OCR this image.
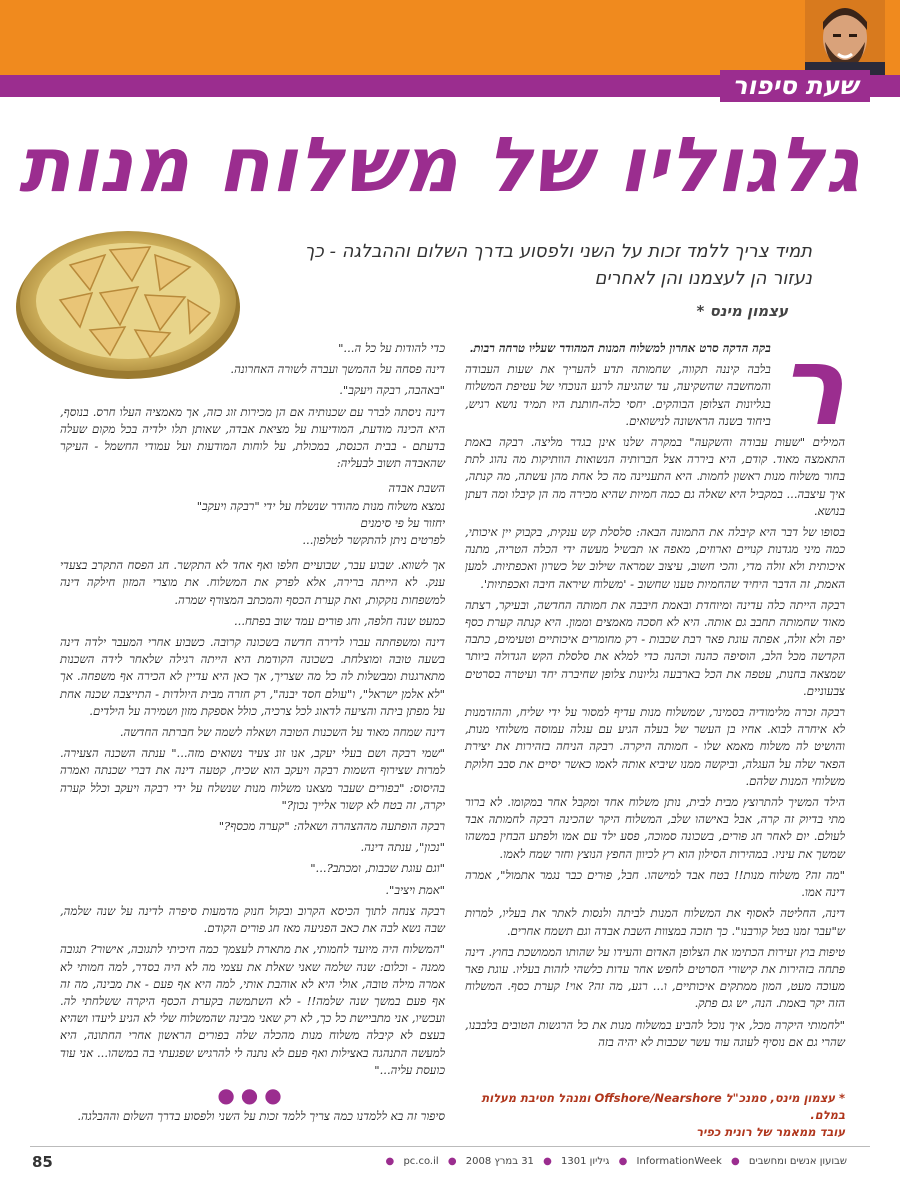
שעת סיפור
גלגוליו של משלוח מנות
תמיד צריך ללמד זכות על השני ולפסוע בדרך השלום וההבלגה - כך נעזור הן לעצמנו והן לאחרים
עצמון מינס *
ר

בקה הדקה סרט אחרון למשלוח המנות המהודר שעליו טרחה רבות.

בלבה קיננה תקווה, שחמותה תדע להעריך את שעות העבודה והמחשבה שהשקיעה, עד שהגיעה לרגע הנוכחי של עטיפת המשלוח בגליונות הצלופן הבוהקים. יחסי כלה-חותנת היו תמיד נושא רגיש, ביחוד בשנה הראשונה לנישואים.

המילים "שעות עבודה והשקעה" במקרה שלנו אינן בגדר מליצה. רבקה באמת התאמצה מאוד. קודם, היא ביררה אצל חברותיה הנשואות הוותיקות מה נהוג לתת בחור משלוח מנות ראשון לחמות. היא התעניינה מה כל אחת מהן עשתה, מה קנתה, איך עיצבה... במקביל היא שאלה גם כמה חמיות שהיא מכירה מה הן קיבלו ומה דעתן בנושא.

בסופו של דבר היא קיבלה את התמונה הבאה: סלסלת קש ענקית, בקבוק יין איכותי, כמה מיני מגדנות קנויים וארוזים, מאפה או תבשיל מעשה ידי הכלה הטריה, מתנה איכותית ולא זולה מדי, והכי חשוב, עיצוב שמראה שילוב של כשרון ואכפתיות. למען האמת, זה הדבר היחיד שהחמיות טענו שחשוב - 'משלוח שיראה חיבה ואכפתיות'.

רבקה הייתה כלה עדינה ומיוחדת ובאמת חיבבה את חמותה החדשה, ובעיקר, רצתה מאוד שחמותה תחבב גם אותה. היא לא חסכה מאמצים וממון. היא קנתה קערת כסף יפה ולא זולה, אפתה עוגת פאר רבת שכבות - רק מחומרים איכותיים וטעימים, כתבה הקדשה מכל הלב, הוסיפה כהנה וכהנה כדי למלא את סלסלת הקש הגדולה ביותר שמצאה בחנות, עטפה את הכל בארבעה גליונות צלופן שחיברה יחד ועיטרה בסרטים צבעוניים.

רבקה זכרה מלימודיה בסמינר, שמשלוח מנות עדיף למסור על ידי שליח, וההזדמנות לא איחרה לבוא. אחיו בן העשר של בעלה הגיע עם עגלה עמוסה משלוחי מנות, והושיט לה משלוח מאמא שלו - חמותה היקרה. רבקה הניחה בזהירות את יצירת הפאר שלה על העגלה, וביקשה ממנו שיביא אותה לאמו כאשר יסיים את סבב חלוקת משלוחי המנות שלהם.

הילד המשיך להתרוצץ מבית לבית, נותן משלוח אחד ומקבל אחר במקומו. לא ברור מתי בדיוק זה קרה, אבל באישהו שלב, המשלוח היקר שהכינה רבקה לחמותה אבד לעולם. יום לאחר חג פורים, בשכונה סמוכה, פסע ילד עם אמו ולפתע הבחין במשהו שמשך את עיניו. במהירות הסילון הוא רץ לכיוון החפץ הנוצץ וחזר שמח לאמו.

"מה זה? משלוח מנות!! בטח אבד למישהו. חבל, פורים כבר נגמר אתמול", אמרה דינה אמו.

דינה, החליטה לאסוף את המשלוח המנות לביתה ולנסות לאתר את בעליו, למרות ש"עבר זמנו בטל קורבנו". כך תזכה במצוות השבת אבדה וגם תשמח אחרים.

טיפות בוץ זעירות הכתימו את הצלופן האדום והעידו על שהותו הממושכת בחוץ. דינה פתחה בזהירות את קישורי הסרטים לחפש אחר עדות כלשהי לזהות בעליו. עוגת פאר מעוכה מעט, המון ממתקים איכותיים, ו... רגע, מה זה? אוי! קערת כסף. המשלוח הזה יקר באמת. הנה, יש גם פתק.

"לחמותי היקרה מכל, איך נוכל להביע במשלוח מנות את כל הרגשות הטובים בלבבנו, שהרי גם אם נוסיף לעוגה עוד עשר שכבות לא יהיה בזה

כדי להודות על כל ה..."

דינה פסחה על ההמשך ועברה לשורה האחרונה.

"באהבה, רבקה ויעקב".

דינה ניסתה לברר עם שכנותיה אם הן מכירות זוג כזה, אך מאמציה העלו חרס. בנוסף, היא הכינה מודעת, המודיעות על מציאת אבדה, שאותן תלו ילדיה בכל מקום שעלה בדעתם - בבית הכנסת, במכולת, על לוחות המודעות ועל עמודי החשמל - העיקר שהאבדה תשוב לבעליה:

השבת אבדה
נמצא משלוח מנות מהודר שנשלח על ידי "רבקה ויעקב"
יחזור על פי סימנים
לפרטים ניתן להתקשר לטלפון...

אך לשווא. שבוע עבר, שבועיים חלפו ואף אחד לא התקשר. חג הפסח התקרב בצעדי ענק. לא הייתה ברירה, אלא לפרק את המשלוח. את מוצרי המזון חילקה דינה למשפחות נזקקות, ואת קערת הכסף והמכתב המצורף שמרה.

כמעט שנה חלפה, וחג פורים עמד שוב בפתח...

דינה ומשפחתה עברו לדירה חדשה בשכונה קרובה. כשבוע אחרי המעבר ילדה דינה בשעה טובה ומוצלחת. בשכונה הקודמת היא הייתה רגילה שלאחר לידה השכנות מתארגנות ומבשלות לה כל מה שצריך, אך כאן היא עדיין לא הכירה אף משפחה. אך "לא אלמן ישראל", ו"עולם חסד יבנה", רק חזרה מבית היולדות - התייצבה שכנה אחת על מפתן ביתה והציעה לדאוג לכל צרכיה, כולל אספקת מזון ושמירה על הילדים.

דינה שמחה מאוד על השכנות הטובה ושאלה לשמה של חברתה החדשה.

"שמי רבקה ושם בעלי יעקב, אנו זוג צעיר נשואים מזה..." ענתה השכנה הצעירה. למרות שצירוף השמות רבקה ויעקב הוא שכיח, קטעה דינה את דברי שכנתה ואמרה בהיסוס: "בפורים שעבר מצאנו משלוח מנות שנשלח על ידי רבקה ויעקב וכלל קערה יקרה, זה בטח לא קשור אלייך נכון?"

רבקה הופתעה מההצהרה ושאלה: "קערה מכסף?"

"נכון", ענתה דינה.

"וגם עוגת שכבות, ומכתב?..."

"אמת ויציב".

רבקה צנחה לתוך הכיסא הקרוב ובקול חנוק מדמעות סיפרה לדינה על שנה שלמה, שבה נשא לבה את כאב הפגיעה מאז חג פורים הקודם.

"המשלוח היה מיועד לחמותי, את מתארת לעצמך כמה חיכיתי לתגובה, אישור? תגובה ממנה - וכלום: שנה שלמה שאני שאלת את עצמי מה לא היה בסדר, למה חמותי לא אמרה מילה טובה, אולי היא לא אוהבת אותי, למה היא אף פעם - את מבינה, מה זה אף פעם במשך שנה שלמה!! - לא השתמשה בקערת הכסף היקרה ששלחתי לה. ועכשיו, אני מתביישת כל כך, לא רק שאני מבינה שהמשלוח שלי לא הגיע ליעדו ושהיא בעצם לא קיבלה משלוח מנות מהכלה שלה בפורים הראשון אחרי החתונה, היא למעשה התנהגה באצילות ואף פעם לא נתנה לי להרגיש שפגעתי בה במשהו... אני עוד כועסת עליה..."

●●●

סיפור זה בא ללמדנו כמה צריך ללמד זכות על השני ולפסוע בדרך השלום וההבלגה.

* עצמון מינס, סמנכ"ל Offshore/Nearshore ומנהל חטיבת מעלות במלם.
עובד ממאמר של רונית כפיר
85	שבועון אנשים ומחשבים ● InformationWeek ● גיליון 1301 ● 31 במרץ 2008 ● pc.co.il ●
